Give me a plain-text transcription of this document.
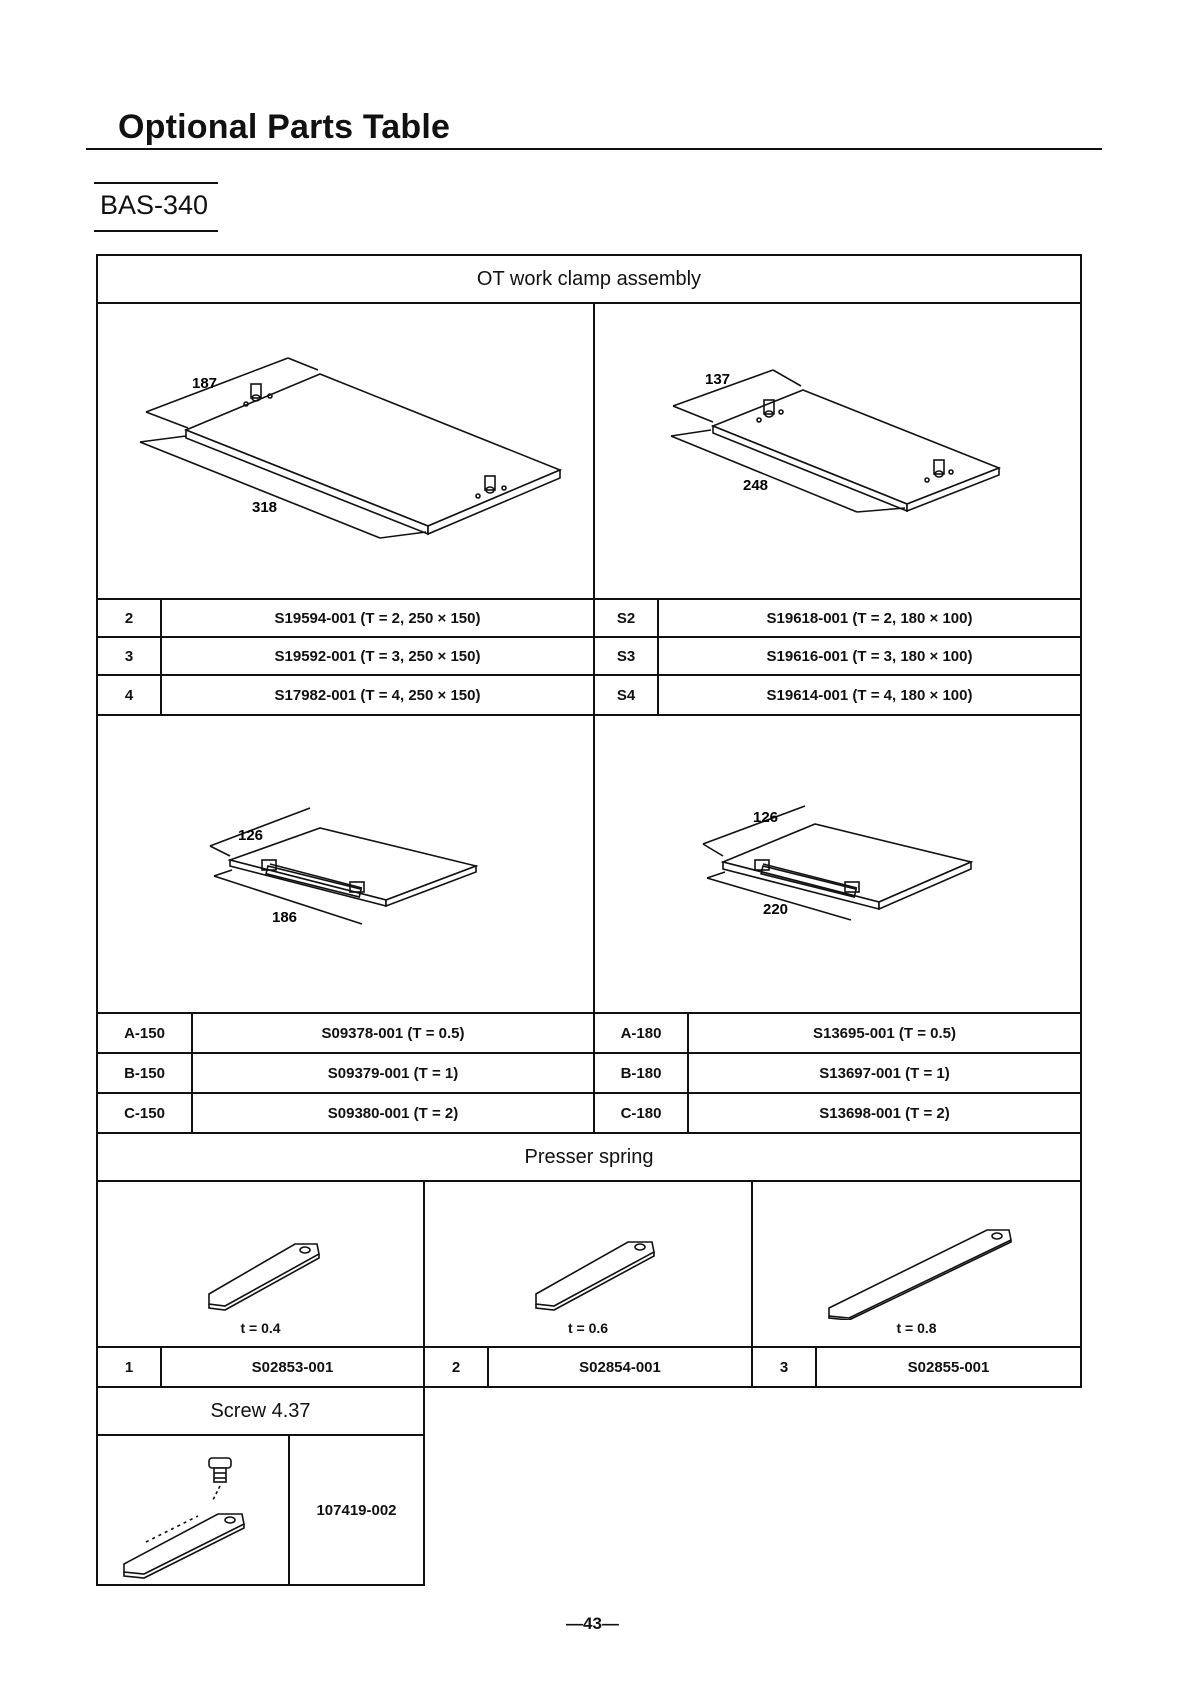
Optional Parts Table
BAS-340
OT work clamp assembly
187
318
137
248
2	S19594-001 (T = 2, 250 × 150)
3	S19592-001 (T = 3, 250 × 150)
4	S17982-001 (T = 4, 250 × 150)
S2	S19618-001 (T = 2, 180 × 100)
S3	S19616-001 (T = 3, 180 × 100)
S4	S19614-001 (T = 4, 180 × 100)
126
186
126
220
A-150	S09378-001 (T = 0.5)
B-150	S09379-001 (T = 1)
C-150	S09380-001 (T = 2)
A-180	S13695-001 (T = 0.5)
B-180	S13697-001 (T = 1)
C-180	S13698-001 (T = 2)
Presser spring
t = 0.4	t = 0.6	t = 0.8
1	S02853-001	2	S02854-001	3	S02855-001
Screw 4.37
107419-002
—43—
